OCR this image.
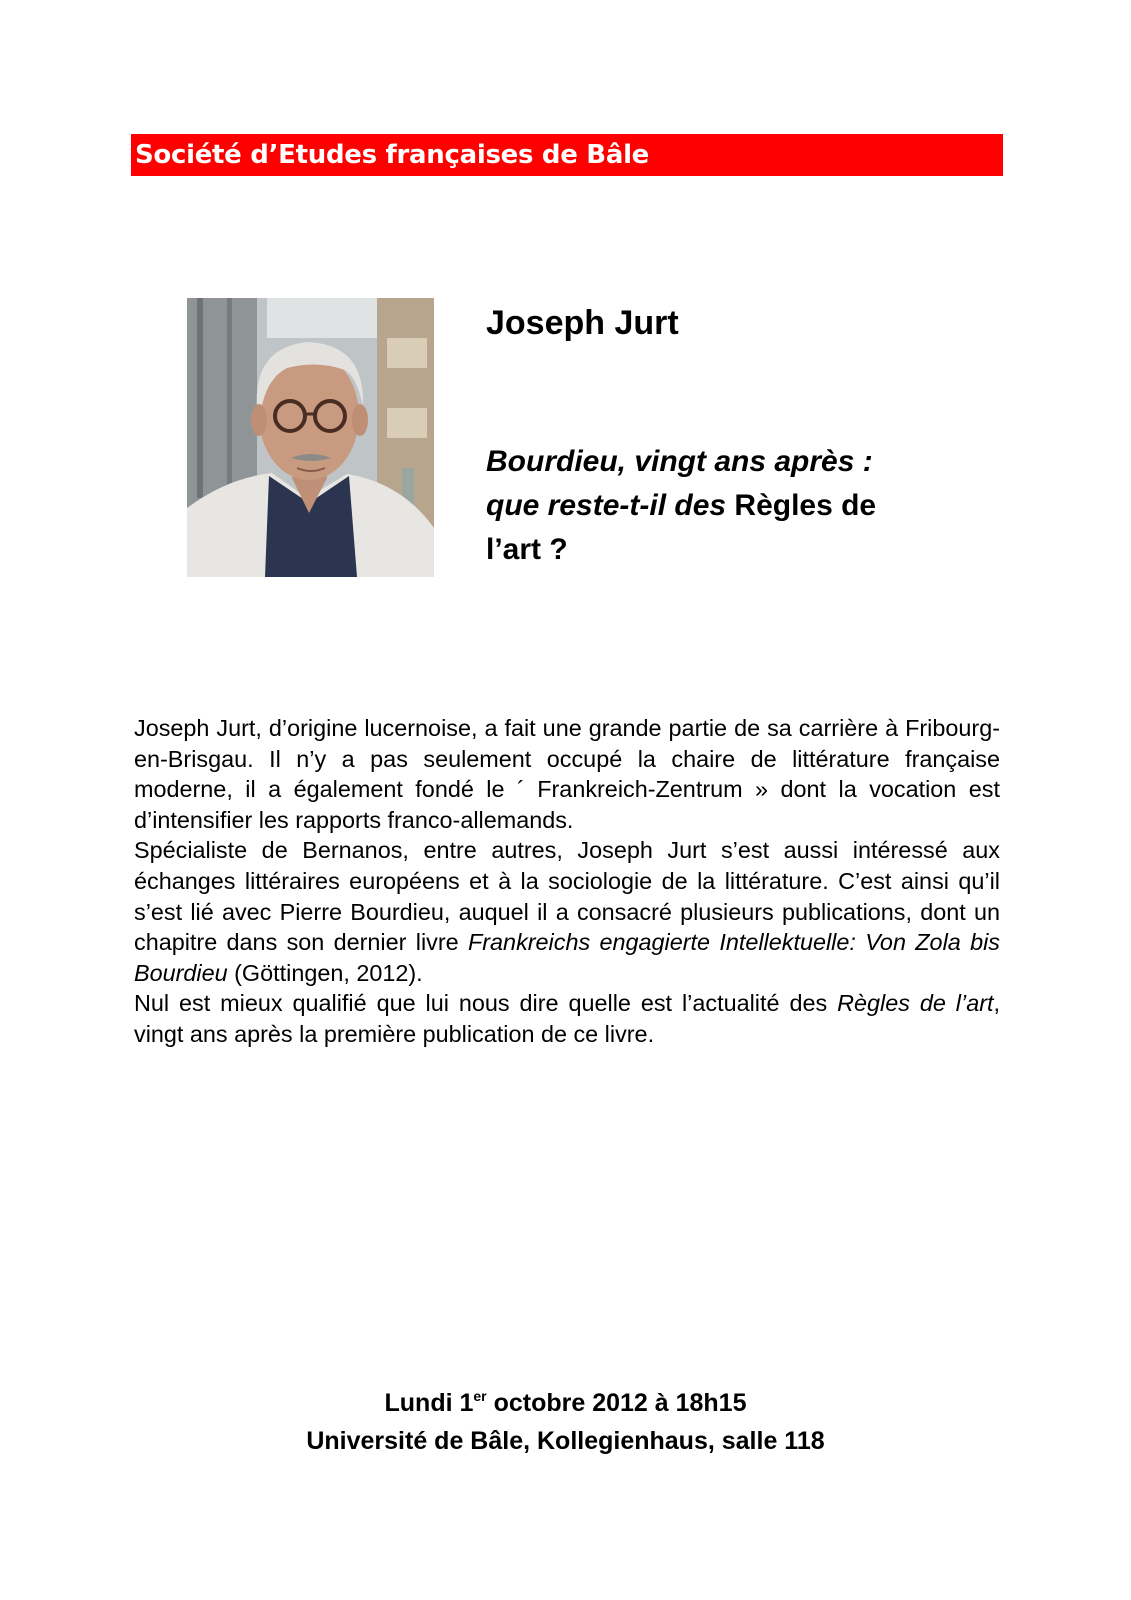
Société d’Etudes françaises de Bâle
Joseph Jurt
Bourdieu, vingt ans après :
que reste-t-il des Règles de
l’art ?

Joseph Jurt, d’origine lucernoise, a fait une grande partie de sa carrière à Fribourg-en-Brisgau. Il n’y a pas seulement occupé la chaire de littérature française moderne, il a également fondé le ´ Frankreich-Zentrum » dont la vocation est d’intensifier les rapports franco-allemands.

Spécialiste de Bernanos, entre autres, Joseph Jurt s’est aussi intéressé aux échanges littéraires européens et à la sociologie de la littérature. C’est ainsi qu’il s’est lié avec Pierre Bourdieu, auquel il a consacré plusieurs publications, dont un chapitre dans son dernier livre Frankreichs engagierte Intellektuelle: Von Zola bis Bourdieu (Göttingen, 2012).

Nul est mieux qualifié que lui nous dire quelle est l’actualité des Règles de l’art, vingt ans après la première publication de ce livre.

Lundi 1er octobre 2012 à 18h15
Université de Bâle, Kollegienhaus, salle 118
